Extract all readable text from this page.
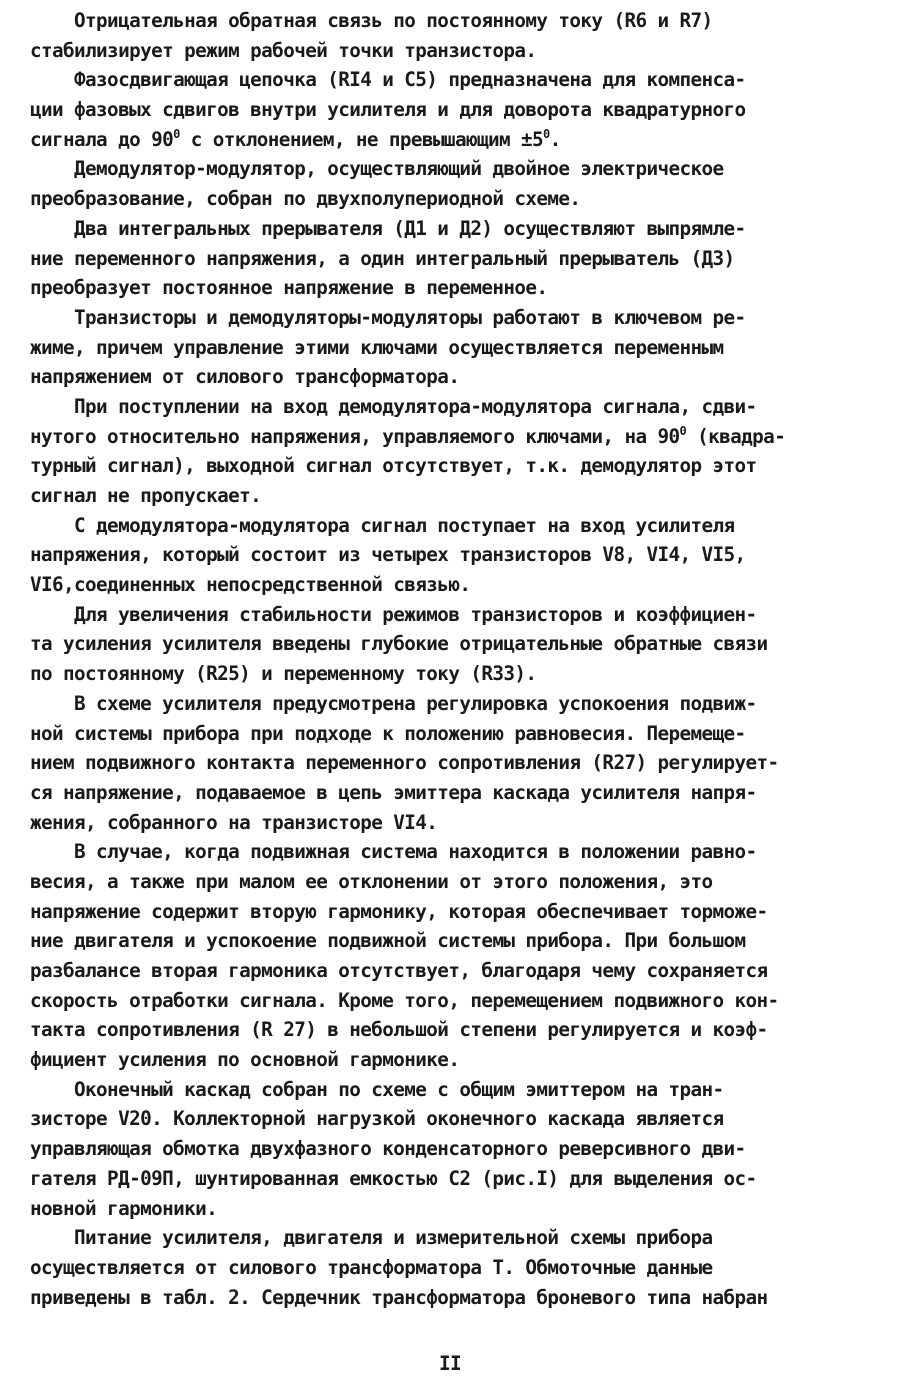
Отрицательная обратная связь по постоянному току (R6 и R7)
стабилизирует режим рабочей точки транзистора.
Фазосдвигающая цепочка (RI4 и С5) предназначена для компенса-
ции фазовых сдвигов внутри усилителя и для доворота квадратурного
сигнала до $90^0$ с отклонением, не превышающим $\pm 5^0$.
Демодулятор-модулятор, осуществляющий двойное электрическое
преобразование, собран по двухполупериодной схеме.
Два интегральных прерывателя (Д1 и Д2) осуществляют выпрямле-
ние переменного напряжения, а один интегральный прерыватель (Д3)
преобразует постоянное напряжение в переменное.
Транзисторы и демодуляторы-модуляторы работают в ключевом ре-
жиме, причем управление этими ключами осуществляется переменным
напряжением от силового трансформатора.
При поступлении на вход демодулятора-модулятора сигнала, сдви-
нутого относительно напряжения, управляемого ключами, на $90^0$ (квадра-
турный сигнал), выходной сигнал отсутствует, т.к. демодулятор этот
сигнал не пропускает.
С демодулятора-модулятора сигнал поступает на вход усилителя
напряжения, который состоит из четырех транзисторов V8, VI4, VI5,
VI6,соединенных непосредственной связью.
Для увеличения стабильности режимов транзисторов и коэффициен-
та усиления усилителя введены глубокие отрицательные обратные связи
по постоянному (R25) и переменному току (R33).
В схеме усилителя предусмотрена регулировка успокоения подвиж-
ной системы прибора при подходе к положению равновесия. Перемеще-
нием подвижного контакта переменного сопротивления (R27) регулирует-
ся напряжение, подаваемое в цепь эмиттера каскада усилителя напря-
жения, собранного на транзисторе VI4.
В случае, когда подвижная система находится в положении равно-
весия, а также при малом ее отклонении от этого положения, это
напряжение содержит вторую гармонику, которая обеспечивает торможе-
ние двигателя и успокоение подвижной системы прибора. При большом
разбалансе вторая гармоника отсутствует, благодаря чему сохраняется
скорость отработки сигнала. Кроме того, перемещением подвижного кон-
такта сопротивления (R 27) в небольшой степени регулируется и коэф-
фициент усиления по основной гармонике.
Оконечный каскад собран по схеме с общим эмиттером на тран-
зисторе V20. Коллекторной нагрузкой оконечного каскада является
управляющая обмотка двухфазного конденсаторного реверсивного дви-
гателя РД-09П, шунтированная емкостью С2 (рис.I) для выделения ос-
новной гармоники.
Питание усилителя, двигателя и измерительной схемы прибора
осуществляется от силового трансформатора Т. Обмоточные данные
приведены в табл. 2. Сердечник трансформатора броневого типа набран
II
